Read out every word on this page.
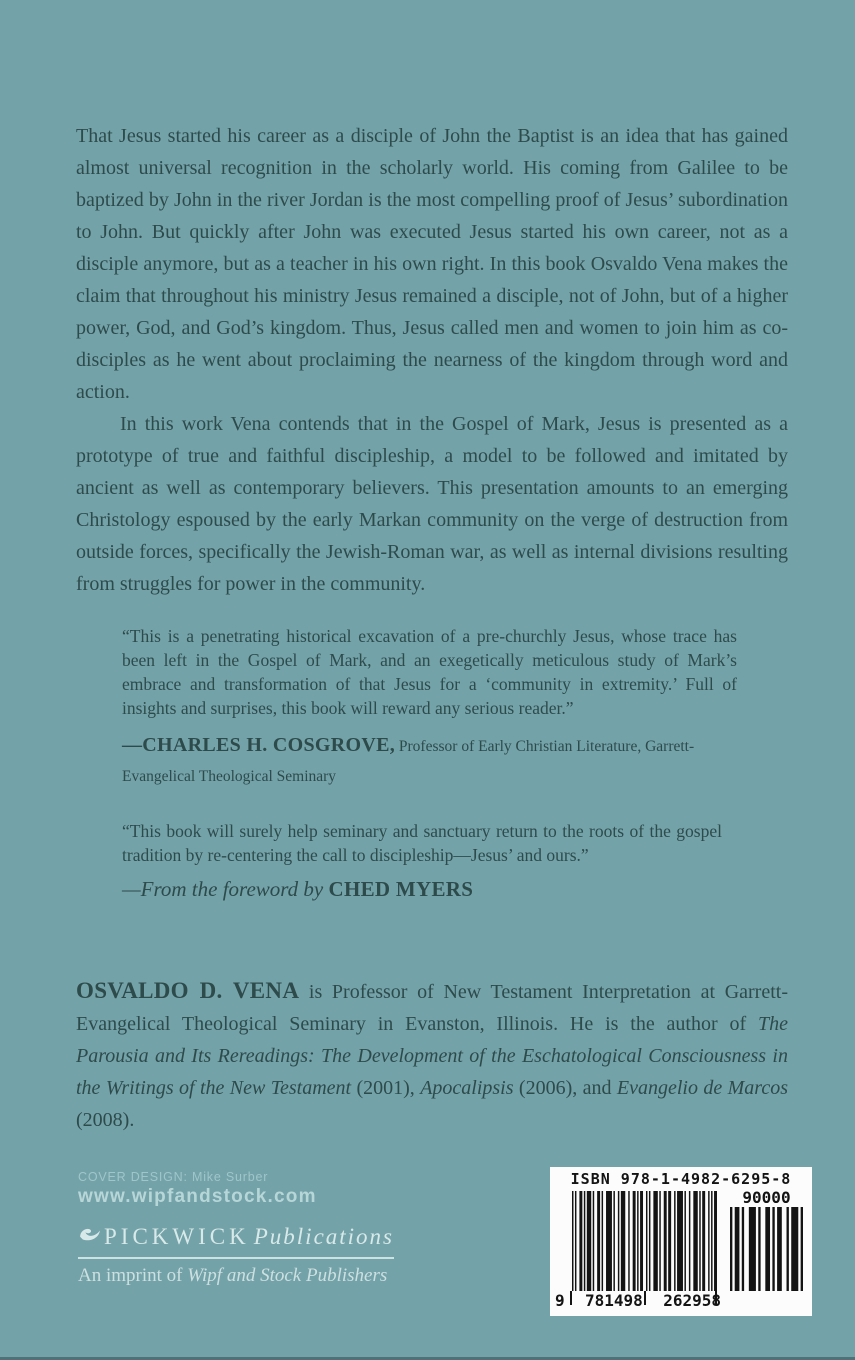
That Jesus started his career as a disciple of John the Baptist is an idea that has gained almost universal recognition in the scholarly world. His coming from Galilee to be baptized by John in the river Jordan is the most compelling proof of Jesus’ subordination to John. But quickly after John was executed Jesus started his own career, not as a disciple anymore, but as a teacher in his own right. In this book Osvaldo Vena makes the claim that throughout his ministry Jesus remained a disciple, not of John, but of a higher power, God, and God’s kingdom. Thus, Jesus called men and women to join him as co-disciples as he went about proclaiming the nearness of the kingdom through word and action.

In this work Vena contends that in the Gospel of Mark, Jesus is presented as a prototype of true and faithful discipleship, a model to be followed and imitated by ancient as well as contemporary believers. This presentation amounts to an emerging Christology espoused by the early Markan community on the verge of destruction from outside forces, specifically the Jewish-Roman war, as well as internal divisions resulting from struggles for power in the community.

“This is a penetrating historical excavation of a pre-churchly Jesus, whose trace has been left in the Gospel of Mark, and an exegetically meticulous study of Mark’s embrace and transformation of that Jesus for a ‘community in extremity.’ Full of insights and surprises, this book will reward any serious reader.”

—CHARLES H. COSGROVE, Professor of Early Christian Literature, Garrett-Evangelical Theological Seminary

“This book will surely help seminary and sanctuary return to the roots of the gospel tradition by re-centering the call to discipleship—Jesus’ and ours.”

—From the foreword by CHED MYERS

OSVALDO D. VENA is Professor of New Testament Interpretation at Garrett-Evangelical Theological Seminary in Evanston, Illinois. He is the author of The Parousia and Its Rereadings: The Development of the Eschatological Consciousness in the Writings of the New Testament (2001), Apocalipsis (2006), and Evangelio de Marcos (2008).

COVER DESIGN: Mike Surber

www.wipfandstock.com

PICKWICK Publications

An imprint of Wipf and Stock Publishers

ISBN 978-1-4982-6295-8
90000
9 781498 262958
